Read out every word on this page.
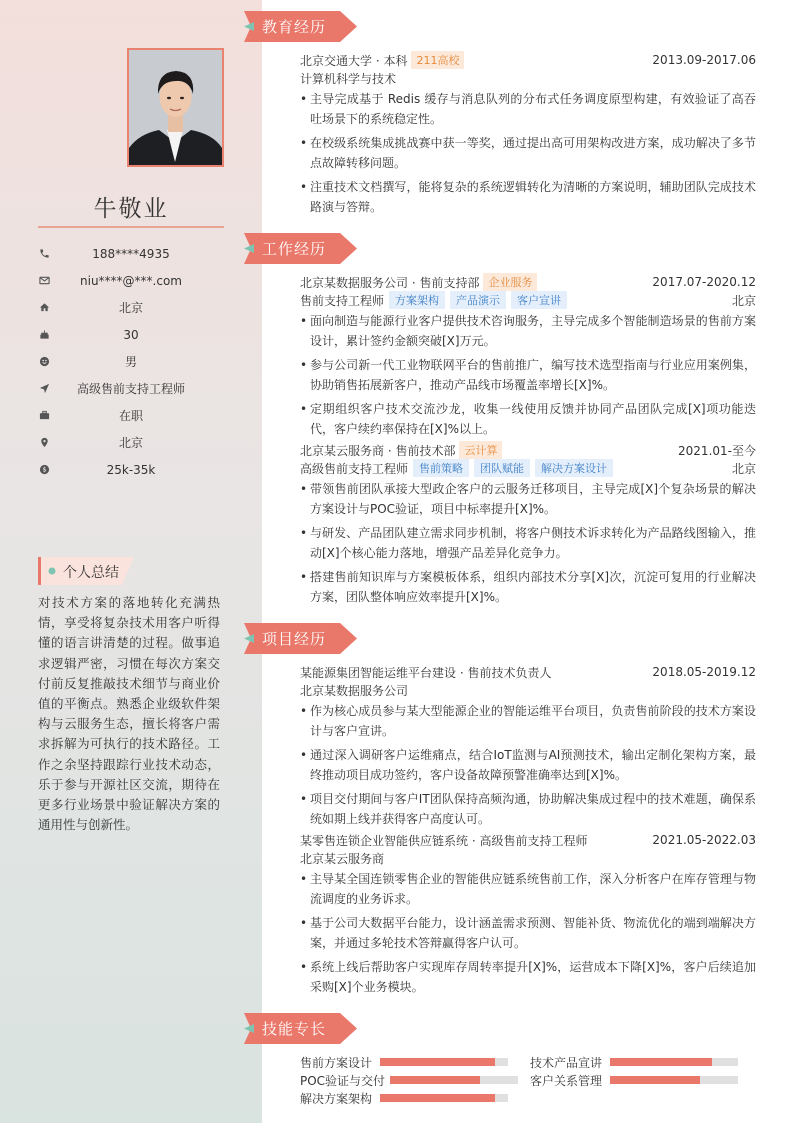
牛敬业
188****4935
niu****@***.com
北京
30
男
高级售前支持工程师
在职
北京
$	25k-35k
个人总结
对技术方案的落地转化充满热情，享受将复杂技术用客户听得懂的语言讲清楚的过程。做事追求逻辑严密，习惯在每次方案交付前反复推敲技术细节与商业价值的平衡点。熟悉企业级软件架构与云服务生态，擅长将客户需求拆解为可执行的技术路径。工作之余坚持跟踪行业技术动态，乐于参与开源社区交流，期待在更多行业场景中验证解决方案的通用性与创新性。
教育经历
北京交通大学 · 本科 211高校	2013.09-2017.06
计算机科学与技术
• 主导完成基于 Redis 缓存与消息队列的分布式任务调度原型构建，有效验证了高吞吐场景下的系统稳定性。
• 在校级系统集成挑战赛中获一等奖，通过提出高可用架构改进方案，成功解决了多节点故障转移问题。
• 注重技术文档撰写，能将复杂的系统逻辑转化为清晰的方案说明，辅助团队完成技术路演与答辩。
工作经历
北京某数据服务公司 · 售前支持部 企业服务	2017.07-2020.12
售前支持工程师	方案架构	产品演示	客户宣讲	北京
• 面向制造与能源行业客户提供技术咨询服务，主导完成多个智能制造场景的售前方案设计，累计签约金额突破[X]万元。
• 参与公司新一代工业物联网平台的售前推广，编写技术选型指南与行业应用案例集，协助销售拓展新客户，推动产品线市场覆盖率增长[X]%。
• 定期组织客户技术交流沙龙，收集一线使用反馈并协同产品团队完成[X]项功能迭代，客户续约率保持在[X]%以上。
北京某云服务商 · 售前技术部 云计算	2021.01-至今
高级售前支持工程师	售前策略	团队赋能	解决方案设计	北京
• 带领售前团队承接大型政企客户的云服务迁移项目，主导完成[X]个复杂场景的解决方案设计与POC验证，项目中标率提升[X]%。
• 与研发、产品团队建立需求同步机制，将客户侧技术诉求转化为产品路线图输入，推动[X]个核心能力落地，增强产品差异化竞争力。
• 搭建售前知识库与方案模板体系，组织内部技术分享[X]次，沉淀可复用的行业解决方案，团队整体响应效率提升[X]%。
项目经历
某能源集团智能运维平台建设 · 售前技术负责人	2018.05-2019.12
北京某数据服务公司
• 作为核心成员参与某大型能源企业的智能运维平台项目，负责售前阶段的技术方案设计与客户宣讲。
• 通过深入调研客户运维痛点，结合IoT监测与AI预测技术，输出定制化架构方案，最终推动项目成功签约，客户设备故障预警准确率达到[X]%。
• 项目交付期间与客户IT团队保持高频沟通，协助解决集成过程中的技术难题，确保系统如期上线并获得客户高度认可。
某零售连锁企业智能供应链系统 · 高级售前支持工程师	2021.05-2022.03
北京某云服务商
• 主导某全国连锁零售企业的智能供应链系统售前工作，深入分析客户在库存管理与物流调度的业务诉求。
• 基于公司大数据平台能力，设计涵盖需求预测、智能补货、物流优化的端到端解决方案，并通过多轮技术答辩赢得客户认可。
• 系统上线后帮助客户实现库存周转率提升[X]%，运营成本下降[X]%，客户后续追加采购[X]个业务模块。
技能专长
售前方案设计	技术产品宣讲
POC验证与交付	客户关系管理
解决方案架构
